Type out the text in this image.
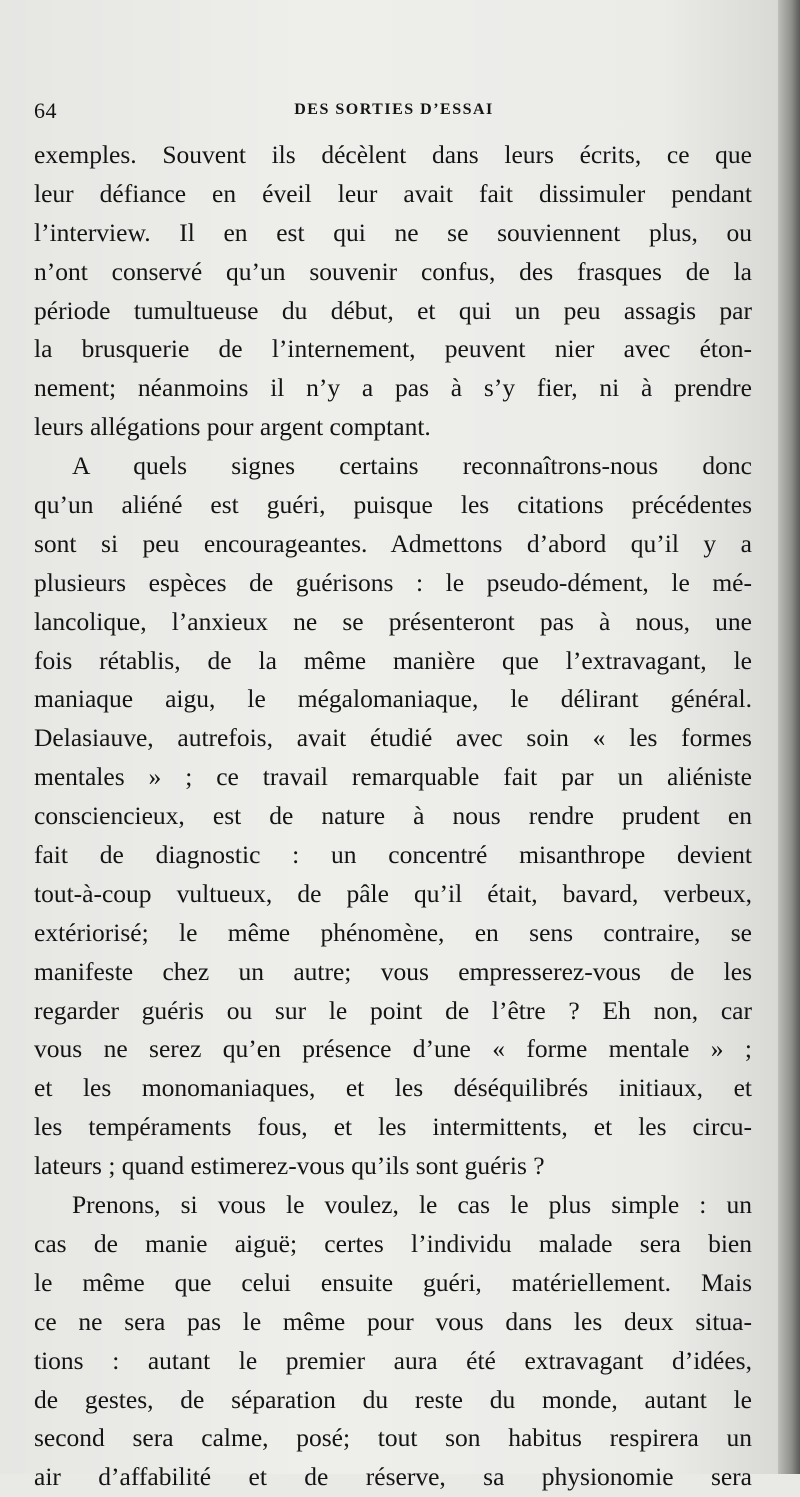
64	DES SORTIES D’ESSAI
exemples. Souvent ils décèlent dans leurs écrits, ce que
leur défiance en éveil leur avait fait dissimuler pendant
l’interview. Il en est qui ne se souviennent plus, ou
n’ont conservé qu’un souvenir confus, des frasques de la
période tumultueuse du début, et qui un peu assagis par
la brusquerie de l’internement, peuvent nier avec éton-
nement; néanmoins il n’y a pas à s’y fier, ni à prendre
leurs allégations pour argent comptant.
A quels signes certains reconnaîtrons-nous donc
qu’un aliéné est guéri, puisque les citations précédentes
sont si peu encourageantes. Admettons d’abord qu’il y a
plusieurs espèces de guérisons : le pseudo-dément, le mé-
lancolique, l’anxieux ne se présenteront pas à nous, une
fois rétablis, de la même manière que l’extravagant, le
maniaque aigu, le mégalomaniaque, le délirant général.
Delasiauve, autrefois, avait étudié avec soin « les formes
mentales » ; ce travail remarquable fait par un aliéniste
consciencieux, est de nature à nous rendre prudent en
fait de diagnostic : un concentré misanthrope devient
tout-à-coup vultueux, de pâle qu’il était, bavard, verbeux,
extériorisé; le même phénomène, en sens contraire, se
manifeste chez un autre; vous empresserez-vous de les
regarder guéris ou sur le point de l’être ? Eh non, car
vous ne serez qu’en présence d’une « forme mentale » ;
et les monomaniaques, et les déséquilibrés initiaux, et
les tempéraments fous, et les intermittents, et les circu-
lateurs ; quand estimerez-vous qu’ils sont guéris ?
Prenons, si vous le voulez, le cas le plus simple : un
cas de manie aiguë; certes l’individu malade sera bien
le même que celui ensuite guéri, matériellement. Mais
ce ne sera pas le même pour vous dans les deux situa-
tions : autant le premier aura été extravagant d’idées,
de gestes, de séparation du reste du monde, autant le
second sera calme, posé; tout son habitus respirera un
air d’affabilité et de réserve, sa physionomie sera
